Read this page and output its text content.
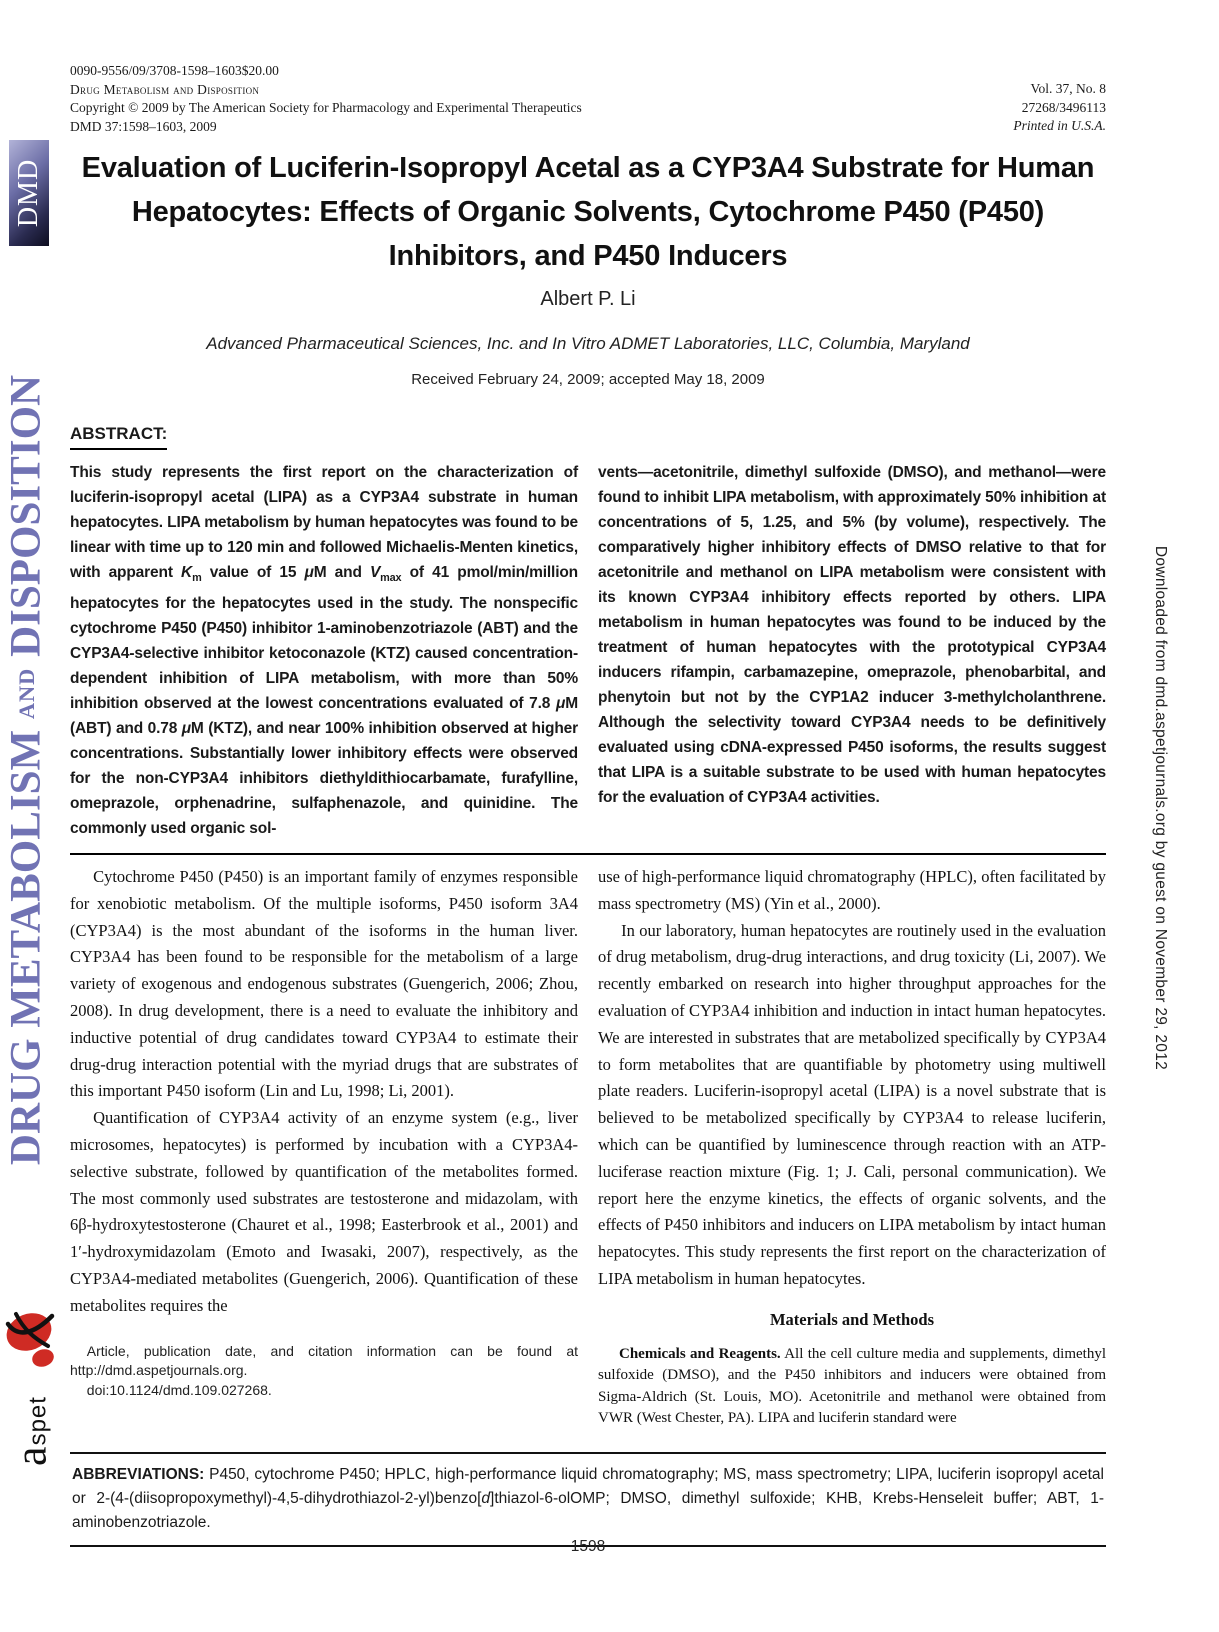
DMD
DRUG METABOLISM AND DISPOSITION
aspet
Downloaded from dmd.aspetjournals.org by guest on November 29, 2012
0090-9556/09/3708-1598–1603$20.00
Drug Metabolism and Disposition
Copyright © 2009 by The American Society for Pharmacology and Experimental Therapeutics
DMD 37:1598–1603, 2009
Vol. 37, No. 8
27268/3496113
Printed in U.S.A.
Evaluation of Luciferin-Isopropyl Acetal as a CYP3A4 Substrate for Human Hepatocytes: Effects of Organic Solvents, Cytochrome P450 (P450) Inhibitors, and P450 Inducers
Albert P. Li
Advanced Pharmaceutical Sciences, Inc. and In Vitro ADMET Laboratories, LLC, Columbia, Maryland
Received February 24, 2009; accepted May 18, 2009
ABSTRACT:
This study represents the first report on the characterization of luciferin-isopropyl acetal (LIPA) as a CYP3A4 substrate in human hepatocytes. LIPA metabolism by human hepatocytes was found to be linear with time up to 120 min and followed Michaelis-Menten kinetics, with apparent $K_m$ value of 15 μM and $V_{max}$ of 41 pmol/min/million hepatocytes for the hepatocytes used in the study. The nonspecific cytochrome P450 (P450) inhibitor 1-aminobenzotriazole (ABT) and the CYP3A4-selective inhibitor ketoconazole (KTZ) caused concentration-dependent inhibition of LIPA metabolism, with more than 50% inhibition observed at the lowest concentrations evaluated of 7.8 μM (ABT) and 0.78 μM (KTZ), and near 100% inhibition observed at higher concentrations. Substantially lower inhibitory effects were observed for the non-CYP3A4 inhibitors diethyldithiocarbamate, furafylline, omeprazole, orphenadrine, sulfaphenazole, and quinidine. The commonly used organic sol-
vents—acetonitrile, dimethyl sulfoxide (DMSO), and methanol—were found to inhibit LIPA metabolism, with approximately 50% inhibition at concentrations of 5, 1.25, and 5% (by volume), respectively. The comparatively higher inhibitory effects of DMSO relative to that for acetonitrile and methanol on LIPA metabolism were consistent with its known CYP3A4 inhibitory effects reported by others. LIPA metabolism in human hepatocytes was found to be induced by the treatment of human hepatocytes with the prototypical CYP3A4 inducers rifampin, carbamazepine, omeprazole, phenobarbital, and phenytoin but not by the CYP1A2 inducer 3-methylcholanthrene. Although the selectivity toward CYP3A4 needs to be definitively evaluated using cDNA-expressed P450 isoforms, the results suggest that LIPA is a suitable substrate to be used with human hepatocytes for the evaluation of CYP3A4 activities.

Cytochrome P450 (P450) is an important family of enzymes responsible for xenobiotic metabolism. Of the multiple isoforms, P450 isoform 3A4 (CYP3A4) is the most abundant of the isoforms in the human liver. CYP3A4 has been found to be responsible for the metabolism of a large variety of exogenous and endogenous substrates (Guengerich, 2006; Zhou, 2008). In drug development, there is a need to evaluate the inhibitory and inductive potential of drug candidates toward CYP3A4 to estimate their drug-drug interaction potential with the myriad drugs that are substrates of this important P450 isoform (Lin and Lu, 1998; Li, 2001).

Quantification of CYP3A4 activity of an enzyme system (e.g., liver microsomes, hepatocytes) is performed by incubation with a CYP3A4-selective substrate, followed by quantification of the metabolites formed. The most commonly used substrates are testosterone and midazolam, with 6β-hydroxytestosterone (Chauret et al., 1998; Easterbrook et al., 2001) and 1′-hydroxymidazolam (Emoto and Iwasaki, 2007), respectively, as the CYP3A4-mediated metabolites (Guengerich, 2006). Quantification of these metabolites requires the

Article, publication date, and citation information can be found at http://dmd.aspetjournals.org.

doi:10.1124/dmd.109.027268.

use of high-performance liquid chromatography (HPLC), often facilitated by mass spectrometry (MS) (Yin et al., 2000).

In our laboratory, human hepatocytes are routinely used in the evaluation of drug metabolism, drug-drug interactions, and drug toxicity (Li, 2007). We recently embarked on research into higher throughput approaches for the evaluation of CYP3A4 inhibition and induction in intact human hepatocytes. We are interested in substrates that are metabolized specifically by CYP3A4 to form metabolites that are quantifiable by photometry using multiwell plate readers. Luciferin-isopropyl acetal (LIPA) is a novel substrate that is believed to be metabolized specifically by CYP3A4 to release luciferin, which can be quantified by luminescence through reaction with an ATP-luciferase reaction mixture (Fig. 1; J. Cali, personal communication). We report here the enzyme kinetics, the effects of organic solvents, and the effects of P450 inhibitors and inducers on LIPA metabolism by intact human hepatocytes. This study represents the first report on the characterization of LIPA metabolism in human hepatocytes.

Materials and Methods

Chemicals and Reagents. All the cell culture media and supplements, dimethyl sulfoxide (DMSO), and the P450 inhibitors and inducers were obtained from Sigma-Aldrich (St. Louis, MO). Acetonitrile and methanol were obtained from VWR (West Chester, PA). LIPA and luciferin standard were

ABBREVIATIONS: P450, cytochrome P450; HPLC, high-performance liquid chromatography; MS, mass spectrometry; LIPA, luciferin isopropyl acetal or 2-(4-(diisopropoxymethyl)-4,5-dihydrothiazol-2-yl)benzo[d]thiazol-6-olOMP; DMSO, dimethyl sulfoxide; KHB, Krebs-Henseleit buffer; ABT, 1-aminobenzotriazole.
1598
